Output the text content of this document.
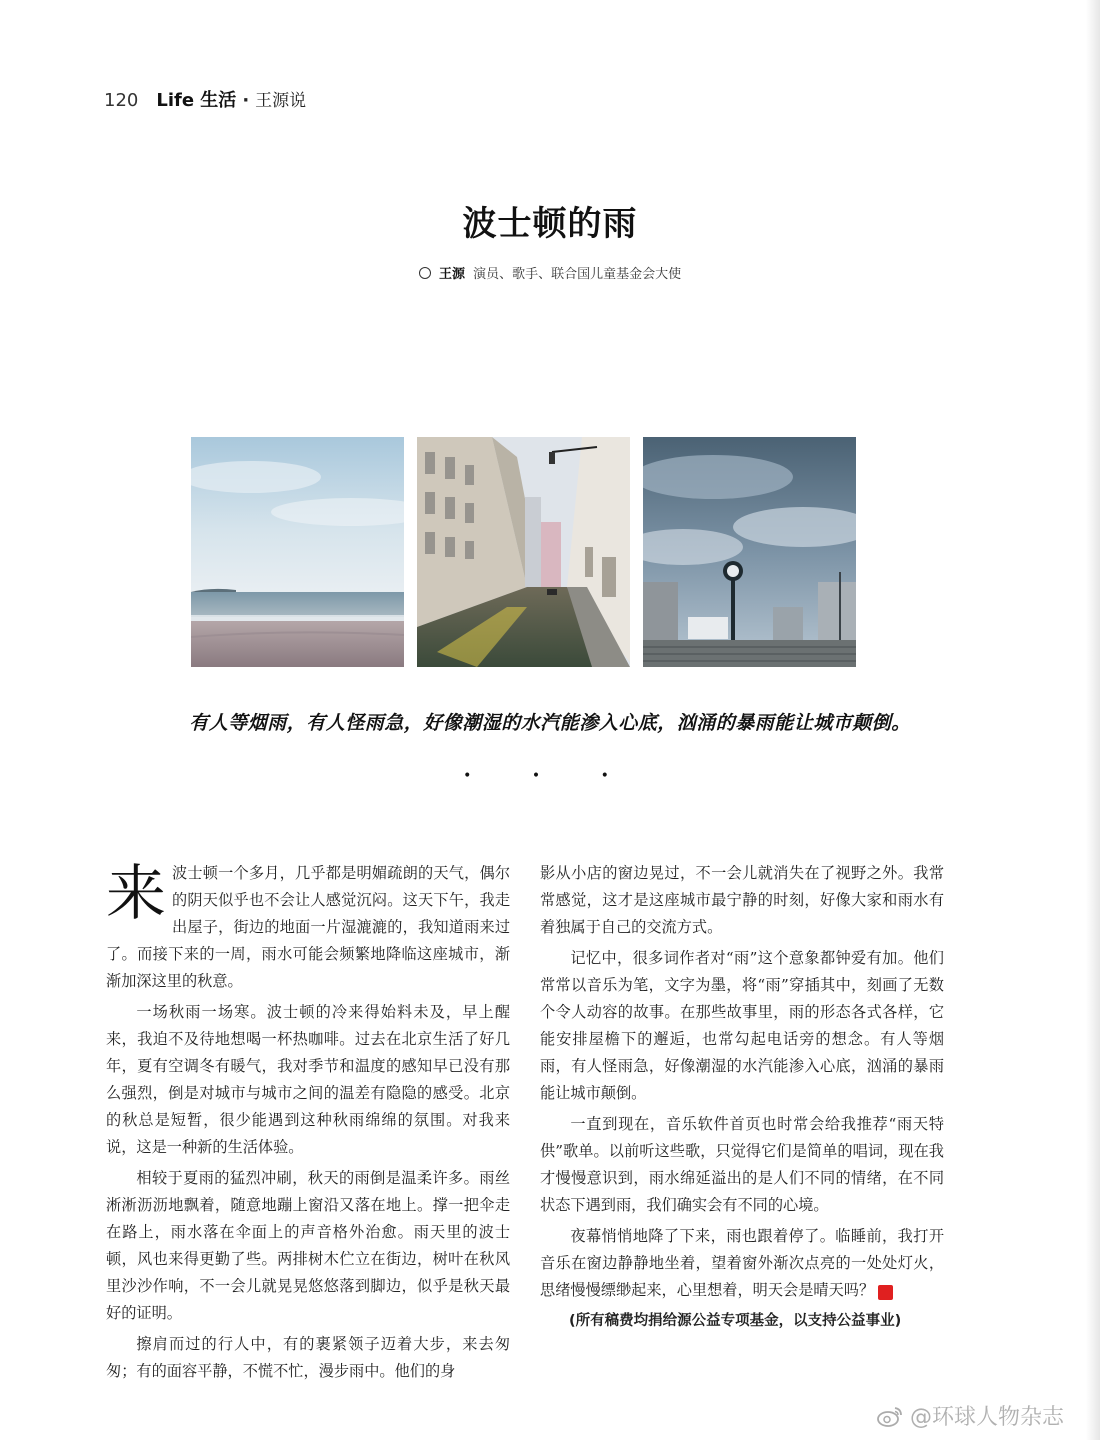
120 Life 生活 · 王源说
波士顿的雨
王源 演员、歌手、联合国儿童基金会大使
有人等烟雨，有人怪雨急，好像潮湿的水汽能渗入心底，汹涌的暴雨能让城市颠倒。
• • •

来波士顿一个多月，几乎都是明媚疏朗的天气，偶尔的阴天似乎也不会让人感觉沉闷。这天下午，我走出屋子，街边的地面一片湿漉漉的，我知道雨来过了。而接下来的一周，雨水可能会频繁地降临这座城市，渐渐加深这里的秋意。

一场秋雨一场寒。波士顿的冷来得始料未及，早上醒来，我迫不及待地想喝一杯热咖啡。过去在北京生活了好几年，夏有空调冬有暖气，我对季节和温度的感知早已没有那么强烈，倒是对城市与城市之间的温差有隐隐的感受。北京的秋总是短暂，很少能遇到这种秋雨绵绵的氛围。对我来说，这是一种新的生活体验。

相较于夏雨的猛烈冲刷，秋天的雨倒是温柔许多。雨丝淅淅沥沥地飘着，随意地蹦上窗沿又落在地上。撑一把伞走在路上，雨水落在伞面上的声音格外治愈。雨天里的波士顿，风也来得更勤了些。两排树木伫立在街边，树叶在秋风里沙沙作响，不一会儿就晃晃悠悠落到脚边，似乎是秋天最好的证明。

擦肩而过的行人中，有的裹紧领子迈着大步，来去匆匆；有的面容平静，不慌不忙，漫步雨中。他们的身

影从小店的窗边晃过，不一会儿就消失在了视野之外。我常常感觉，这才是这座城市最宁静的时刻，好像大家和雨水有着独属于自己的交流方式。

记忆中，很多词作者对“雨”这个意象都钟爱有加。他们常常以音乐为笔，文字为墨，将“雨”穿插其中，刻画了无数个令人动容的故事。在那些故事里，雨的形态各式各样，它能安排屋檐下的邂逅，也常勾起电话旁的想念。有人等烟雨，有人怪雨急，好像潮湿的水汽能渗入心底，汹涌的暴雨能让城市颠倒。

一直到现在，音乐软件首页也时常会给我推荐“雨天特供”歌单。以前听这些歌，只觉得它们是简单的唱词，现在我才慢慢意识到，雨水绵延溢出的是人们不同的情绪，在不同状态下遇到雨，我们确实会有不同的心境。

夜幕悄悄地降了下来，雨也跟着停了。临睡前，我打开音乐在窗边静静地坐着，望着窗外渐次点亮的一处处灯火，思绪慢慢缥缈起来，心里想着，明天会是晴天吗？	G

(所有稿费均捐给源公益专项基金，以支持公益事业)

@环球人物杂志
